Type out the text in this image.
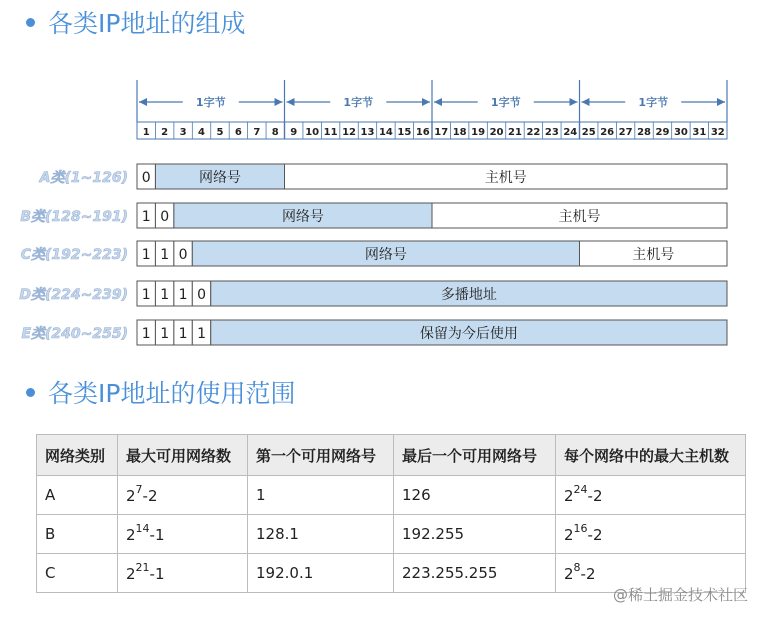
各类IP地址的组成
1字节	1字节	1字节	1字节
1 2 3 4 5 6 7 8 9 10 11 12 13 14 15 16 17 18 19 20 21 22 23 24 25 26 27 28 29 30 31 32
A类(1~126) 0	网络号	主机号
B类(128~191) 1 0	网络号	主机号
C类(192~223) 1 1 0	网络号	主机号
D类(224~239) 1 1 1 0	多播地址
E类(240~255) 1 1 1 1	保留为今后使用
各类IP地址的使用范围
网络类别	最大可用网络数	第一个可用网络号	最后一个可用网络号	每个网络中的最大主机数
A	$2^7-2$	1	126	$2^{24}-2$
B	$2^{14}-1$	128.1	192.255	$2^{16}-2$
C	$2^{21}-1$	192.0.1	223.255.255	$2^8-2$
@稀土掘金技术社区
